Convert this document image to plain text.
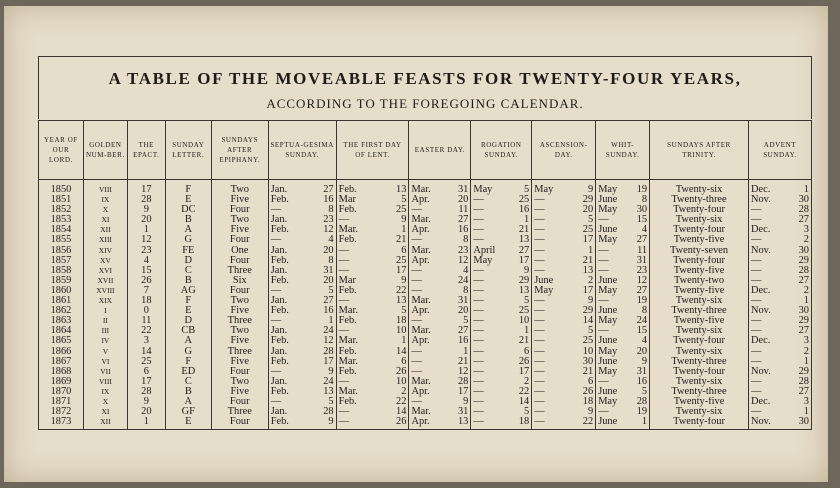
A TABLE OF THE MOVEABLE FEASTS FOR TWENTY-FOUR YEARS,
ACCORDING TO THE FOREGOING CALENDAR.
YEAR OF OUR LORD.	GOLDEN NUM-BER.	THE EPACT.	SUNDAY LETTER.	SUNDAYS AFTER EPIPHANY.	SEPTUA-GESIMA SUNDAY.	THE FIRST DAY OF LENT.	EASTER DAY.	ROGATION SUNDAY.	ASCENSION-DAY.	WHIT-SUNDAY.	SUNDAYS AFTER TRINITY.	ADVENT SUNDAY.
1850	VIII	17	F	Two	Jan. 27	Feb. 13	Mar. 31	May 5	May 9	May 19	Twenty-six	Dec. 1

1851	IX	28	E	Five	Feb. 16	Mar 5	Apr. 20	— 25	— 29	June 8	Twenty-three	Nov. 30

1852	X	9	DC	Four	— 8	Feb. 25	— 11	— 16	— 20	May 30	Twenty-four	— 28

1853	XI	20	B	Two	Jan. 23	— 9	Mar. 27	— 1	— 5	— 15	Twenty-six	— 27

1854	XII	1	A	Five	Feb. 12	Mar. 1	Apr. 16	— 21	— 25	June 4	Twenty-four	Dec. 3

1855	XIII	12	G	Four	— 4	Feb. 21	— 8	— 13	— 17	May 27	Twenty-five	— 2

1856	XIV	23	FE	One	Jan. 20	— 6	Mar. 23	April 27	— 1	— 11	Twenty-seven	Nov. 30

1857	XV	4	D	Four	Feb. 8	— 25	Apr. 12	May 17	— 21	— 31	Twenty-four	— 29

1858	XVI	15	C	Three	Jan. 31	— 17	— 4	— 9	— 13	— 23	Twenty-five	— 28

1859	XVII	26	B	Six	Feb. 20	Mar 9	— 24	— 29	June 2	June 12	Twenty-two	— 27

1860	XVIII	7	AG	Four	— 5	Feb. 22	— 8	— 13	May 17	May 27	Twenty-five	Dec. 2

1861	XIX	18	F	Two	Jan. 27	— 13	Mar. 31	— 5	— 9	— 19	Twenty-six	— 1

1862	I	0	E	Five	Feb. 16	Mar. 5	Apr. 20	— 25	— 29	June 8	Twenty-three	Nov. 30

1863	II	11	D	Three	— 1	Feb. 18	— 5	— 10	— 14	May 24	Twenty-five	— 29

1864	III	22	CB	Two	Jan. 24	— 10	Mar. 27	— 1	— 5	— 15	Twenty-six	— 27

1865	IV	3	A	Five	Feb. 12	Mar. 1	Apr. 16	— 21	— 25	June 4	Twenty-four	Dec. 3

1866	V	14	G	Three	Jan. 28	Feb. 14	— 1	— 6	— 10	May 20	Twenty-six	— 2

1867	VI	25	F	Five	Feb. 17	Mar. 6	— 21	— 26	— 30	June 9	Twenty-three	— 1

1868	VII	6	ED	Four	— 9	Feb. 26	— 12	— 17	— 21	May 31	Twenty-four	Nov. 29

1869	VIII	17	C	Two	Jan. 24	— 10	Mar. 28	— 2	— 6	— 16	Twenty-six	— 28

1870	IX	28	B	Five	Feb. 13	Mar. 2	Apr. 17	— 22	— 26	June 5	Twenty-three	— 27

1871	X	9	A	Four	— 5	Feb. 22	— 9	— 14	— 18	May 28	Twenty-five	Dec. 3

1872	XI	20	GF	Three	Jan. 28	— 14	Mar. 31	— 5	— 9	— 19	Twenty-six	— 1

1873	XII	1	E	Four	Feb. 9	— 26	Apr. 13	— 18	— 22	June 1	Twenty-four	Nov. 30
